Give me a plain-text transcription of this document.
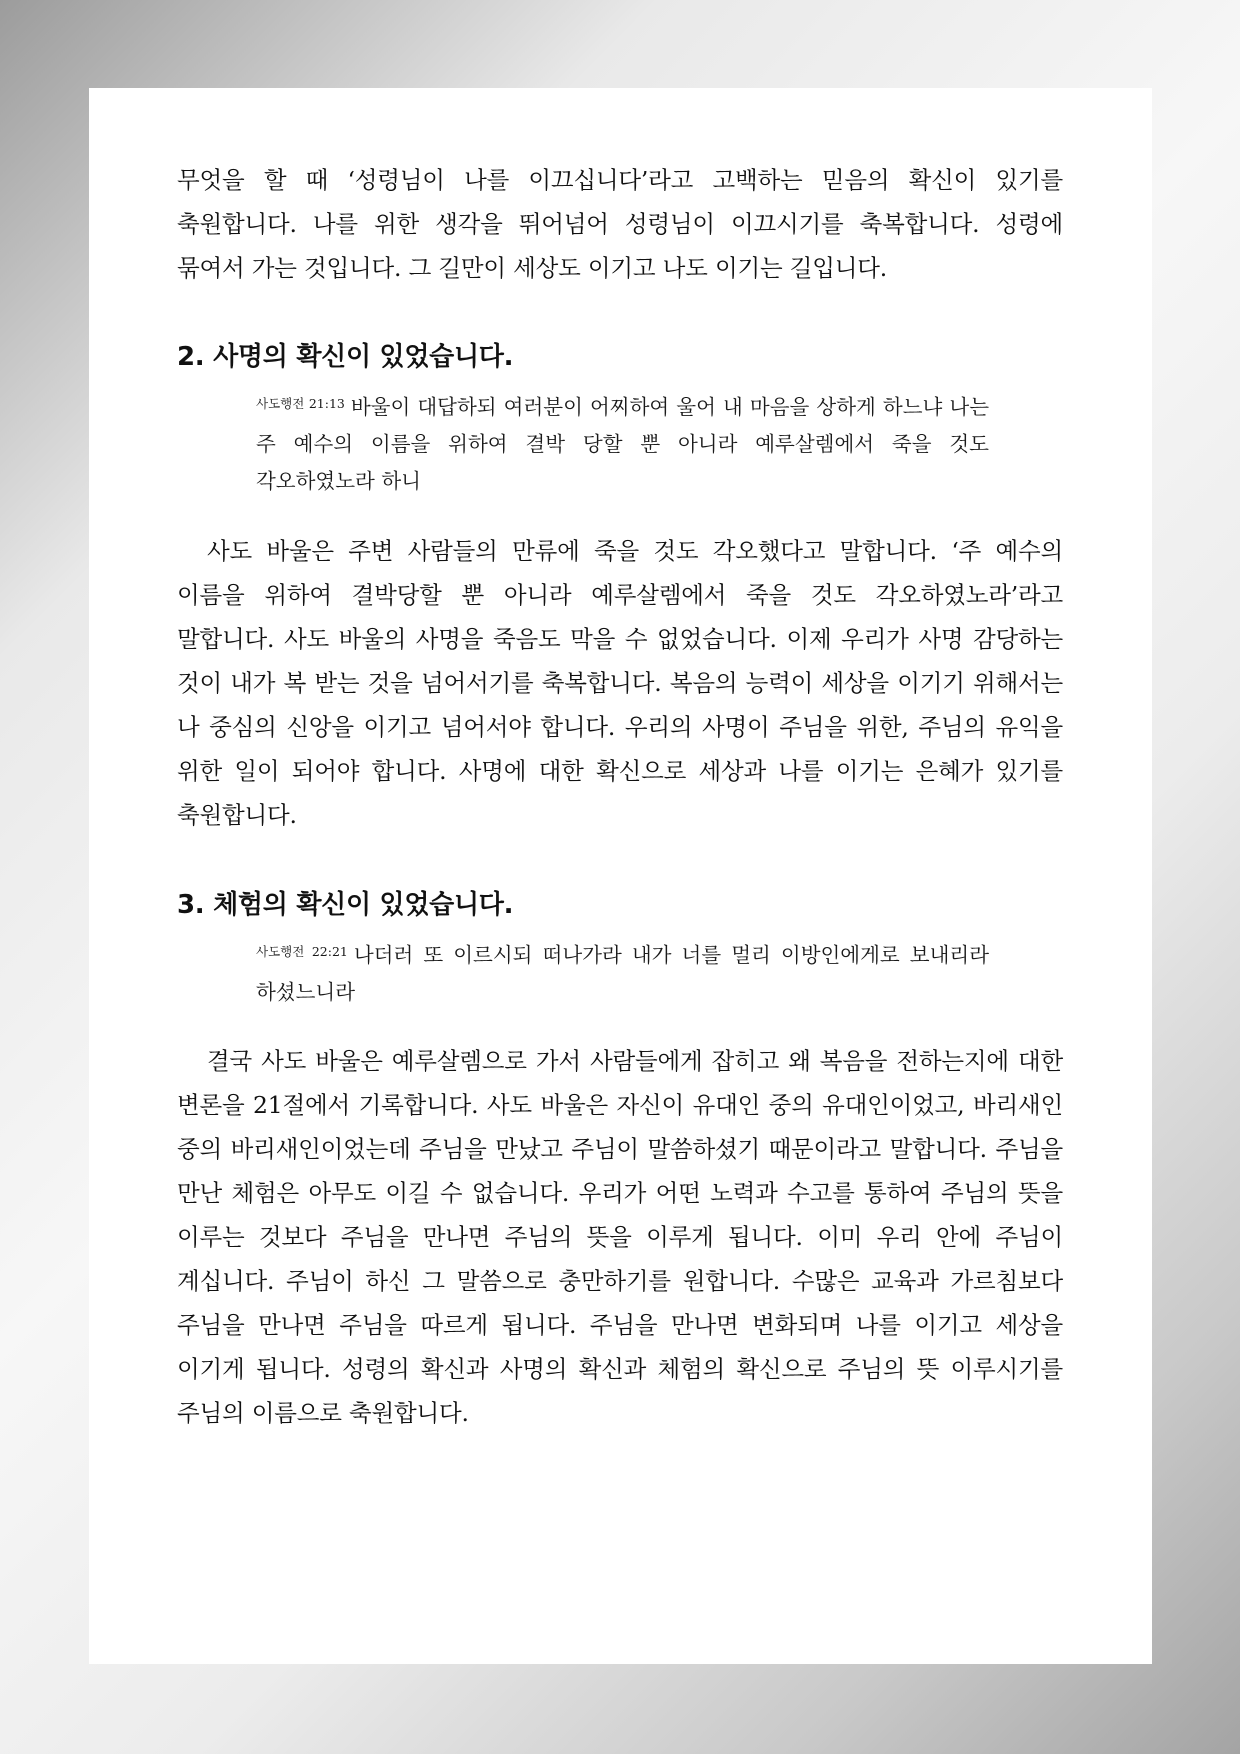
무엇을 할 때 ‘성령님이 나를 이끄십니다’라고 고백하는 믿음의 확신이 있기를 축원합니다. 나를 위한 생각을 뛰어넘어 성령님이 이끄시기를 축복합니다. 성령에 묶여서 가는 것입니다. 그 길만이 세상도 이기고 나도 이기는 길입니다.

2. 사명의 확신이 있었습니다.

$^{사도행전 21:13}$ 바울이 대답하되 여러분이 어찌하여 울어 내 마음을 상하게 하느냐 나는 주 예수의 이름을 위하여 결박 당할 뿐 아니라 예루살렘에서 죽을 것도 각오하였노라 하니

사도 바울은 주변 사람들의 만류에 죽을 것도 각오했다고 말합니다. ‘주 예수의 이름을 위하여 결박당할 뿐 아니라 예루살렘에서 죽을 것도 각오하였노라’라고 말합니다. 사도 바울의 사명을 죽음도 막을 수 없었습니다. 이제 우리가 사명 감당하는 것이 내가 복 받는 것을 넘어서기를 축복합니다. 복음의 능력이 세상을 이기기 위해서는 나 중심의 신앙을 이기고 넘어서야 합니다. 우리의 사명이 주님을 위한, 주님의 유익을 위한 일이 되어야 합니다. 사명에 대한 확신으로 세상과 나를 이기는 은혜가 있기를 축원합니다.

3. 체험의 확신이 있었습니다.

$^{사도행전 22:21}$ 나더러 또 이르시되 떠나가라 내가 너를 멀리 이방인에게로 보내리라 하셨느니라

결국 사도 바울은 예루살렘으로 가서 사람들에게 잡히고 왜 복음을 전하는지에 대한 변론을 21절에서 기록합니다. 사도 바울은 자신이 유대인 중의 유대인이었고, 바리새인 중의 바리새인이었는데 주님을 만났고 주님이 말씀하셨기 때문이라고 말합니다. 주님을 만난 체험은 아무도 이길 수 없습니다. 우리가 어떤 노력과 수고를 통하여 주님의 뜻을 이루는 것보다 주님을 만나면 주님의 뜻을 이루게 됩니다. 이미 우리 안에 주님이 계십니다. 주님이 하신 그 말씀으로 충만하기를 원합니다. 수많은 교육과 가르침보다 주님을 만나면 주님을 따르게 됩니다. 주님을 만나면 변화되며 나를 이기고 세상을 이기게 됩니다. 성령의 확신과 사명의 확신과 체험의 확신으로 주님의 뜻 이루시기를 주님의 이름으로 축원합니다.
